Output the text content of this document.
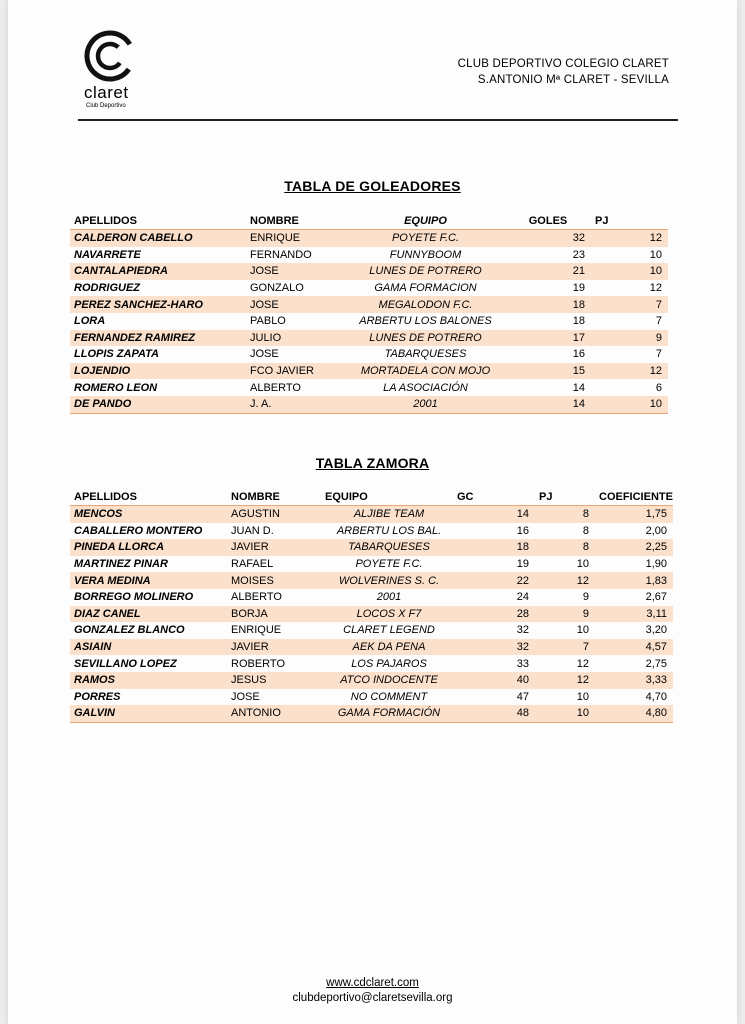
claret
Club Deportivo
CLUB DEPORTIVO COLEGIO CLARET
S.ANTONIO Mª CLARET - SEVILLA
TABLA DE GOLEADORES
APELLIDOS	NOMBRE	EQUIPO	GOLES	PJ
CALDERON CABELLO	ENRIQUE	POYETE F.C.	32	12
NAVARRETE	FERNANDO	FUNNYBOOM	23	10
CANTALAPIEDRA	JOSE	LUNES DE POTRERO	21	10
RODRIGUEZ	GONZALO	GAMA FORMACION	19	12
PEREZ SANCHEZ-HARO	JOSE	MEGALODON F.C.	18	7
LORA	PABLO	ARBERTU LOS BALONES	18	7
FERNANDEZ RAMIREZ	JULIO	LUNES DE POTRERO	17	9
LLOPIS ZAPATA	JOSE	TABARQUESES	16	7
LOJENDIO	FCO JAVIER	MORTADELA CON MOJO	15	12
ROMERO LEON	ALBERTO	LA ASOCIACIÓN	14	6
DE PANDO	J. A.	2001	14	10
TABLA ZAMORA
APELLIDOS	NOMBRE	EQUIPO	GC	PJ	COEFICIENTE
MENCOS	AGUSTIN	ALJIBE TEAM	14	8	1,75
CABALLERO MONTERO	JUAN D.	ARBERTU LOS BAL.	16	8	2,00
PINEDA LLORCA	JAVIER	TABARQUESES	18	8	2,25
MARTINEZ PINAR	RAFAEL	POYETE F.C.	19	10	1,90
VERA MEDINA	MOISES	WOLVERINES S. C.	22	12	1,83
BORREGO MOLINERO	ALBERTO	2001	24	9	2,67
DIAZ CANEL	BORJA	LOCOS X F7	28	9	3,11
GONZALEZ BLANCO	ENRIQUE	CLARET LEGEND	32	10	3,20
ASIAIN	JAVIER	AEK DA PENA	32	7	4,57
SEVILLANO LOPEZ	ROBERTO	LOS PAJAROS	33	12	2,75
RAMOS	JESUS	ATCO INDOCENTE	40	12	3,33
PORRES	JOSE	NO COMMENT	47	10	4,70
GALVIN	ANTONIO	GAMA FORMACIÓN	48	10	4,80
www.cdclaret.com
clubdeportivo@claretsevilla.org
